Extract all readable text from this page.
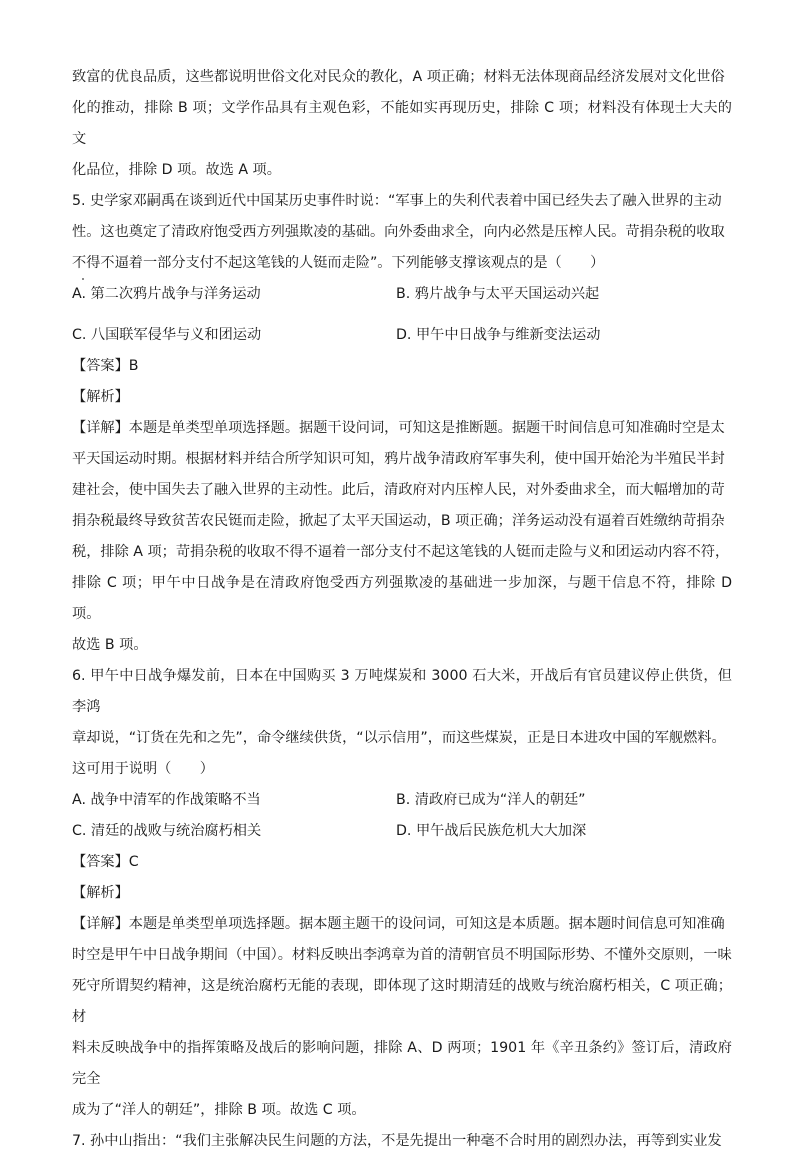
致富的优良品质，这些都说明世俗文化对民众的教化，A 项正确；材料无法体现商品经济发展对文化世俗

化的推动，排除 B 项；文学作品具有主观色彩，不能如实再现历史，排除 C 项；材料没有体现士大夫的文

化品位，排除 D 项。故选 A 项。

5. 史学家邓嗣禹在谈到近代中国某历史事件时说：“军事上的失利代表着中国已经失去了融入世界的主动

性。这也奠定了清政府饱受西方列强欺凌的基础。向外委曲求全，向内必然是压榨人民。苛捐杂税的收取

不得不逼着一部分支付不起这笔钱的人铤而走险”。下列能够支撑该观点的是（　　）

A. 第二次鸦片战争与洋务运动	B. 鸦片战争与太平天国运动兴起
C. 八国联军侵华与义和团运动	D. 甲午中日战争与维新变法运动
【答案】B
【解析】

【详解】本题是单类型单项选择题。据题干设问词，可知这是推断题。据题干时间信息可知准确时空是太

平天国运动时期。根据材料并结合所学知识可知，鸦片战争清政府军事失利，使中国开始沦为半殖民半封

建社会，使中国失去了融入世界的主动性。此后，清政府对内压榨人民，对外委曲求全，而大幅增加的苛

捐杂税最终导致贫苦农民铤而走险，掀起了太平天国运动，B 项正确；洋务运动没有逼着百姓缴纳苛捐杂

税，排除 A 项；苛捐杂税的收取不得不逼着一部分支付不起这笔钱的人铤而走险与义和团运动内容不符，

排除 C 项；甲午中日战争是在清政府饱受西方列强欺凌的基础进一步加深，与题干信息不符，排除 D 项。

故选 B 项。

6. 甲午中日战争爆发前，日本在中国购买 3 万吨煤炭和 3000 石大米，开战后有官员建议停止供货，但李鸿

章却说，“订货在先和之先”，命令继续供货，“以示信用”，而这些煤炭，正是日本进攻中国的军舰燃料。

这可用于说明（　　）

A. 战争中清军的作战策略不当	B. 清政府已成为“洋人的朝廷”
C. 清廷的战败与统治腐朽相关	D. 甲午战后民族危机大大加深
【答案】C
【解析】

【详解】本题是单类型单项选择题。据本题主题干的设问词，可知这是本质题。据本题时间信息可知准确

时空是甲午中日战争期间（中国）。材料反映出李鸿章为首的清朝官员不明国际形势、不懂外交原则，一味

死守所谓契约精神，这是统治腐朽无能的表现，即体现了这时期清廷的战败与统治腐朽相关，C 项正确；材

料未反映战争中的指挥策略及战后的影响问题，排除 A、D 两项；1901 年《辛丑条约》签订后，清政府完全

成为了“洋人的朝廷”，排除 B 项。故选 C 项。

7. 孙中山指出：“我们主张解决民生问题的方法，不是先提出一种毫不合时用的剧烈办法，再等到实业发
